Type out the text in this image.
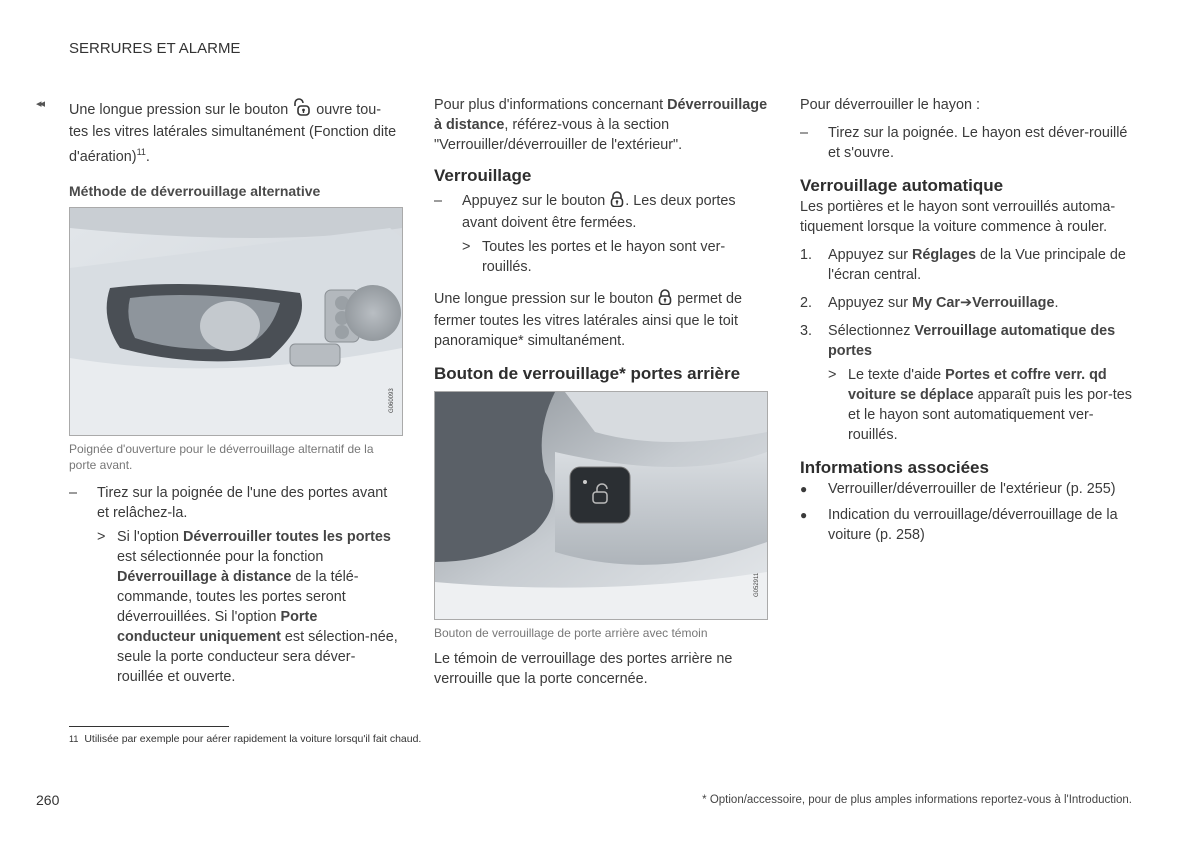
SERRURES ET ALARME
◂◂ Une longue pression sur le bouton ouvre tou-tes les vitres latérales simultanément (Fonction dite d'aération)$^{11}$.

Méthode de déverrouillage alternative

G060093

Poignée d'ouverture pour le déverrouillage alternatif de la porte avant.

–	Tirez sur la poignée de l'une des portes avant et relâchez-la.
> Si l'option Déverrouiller toutes les portes est sélectionnée pour la fonction Déverrouillage à distance de la télé-commande, toutes les portes seront déverrouillées. Si l'option Porte conducteur uniquement est sélection-née, seule la porte conducteur sera déver-rouillée et ouverte.

Pour plus d'informations concernant Déverrouillage à distance, référez-vous à la section "Verrouiller/déverrouiller de l'extérieur".

Verrouillage

–	Appuyez sur le bouton . Les deux portes avant doivent être fermées.
> Toutes les portes et le hayon sont ver-rouillés.

Une longue pression sur le bouton permet de fermer toutes les vitres latérales ainsi que le toit panoramique* simultanément.

Bouton de verrouillage* portes arrière

G052911

Bouton de verrouillage de porte arrière avec témoin

Le témoin de verrouillage des portes arrière ne verrouille que la porte concernée.

Pour déverrouiller le hayon :

–	Tirez sur la poignée. Le hayon est déver-rouillé et s'ouvre.

Verrouillage automatique

Les portières et le hayon sont verrouillés automa-tiquement lorsque la voiture commence à rouler.

1.	Appuyez sur Réglages de la Vue principale de l'écran central.
2.	Appuyez sur My Car➔Verrouillage.
3.	Sélectionnez Verrouillage automatique des portes
> Le texte d'aide Portes et coffre verr. qd voiture se déplace apparaît puis les por-tes et le hayon sont automatiquement ver-rouillés.

Informations associées

●	Verrouiller/déverrouiller de l'extérieur (p. 255)
●	Indication du verrouillage/déverrouillage de la voiture (p. 258)
11 Utilisée par exemple pour aérer rapidement la voiture lorsqu'il fait chaud.
260	* Option/accessoire, pour de plus amples informations reportez-vous à l'Introduction.
